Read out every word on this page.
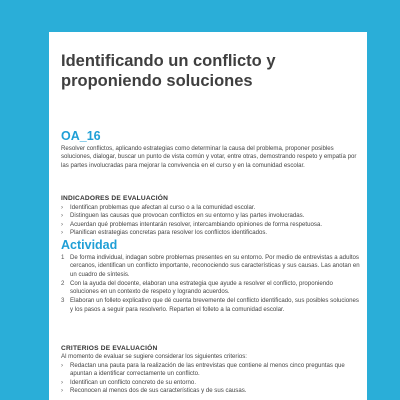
Identificando un conflicto y proponiendo soluciones
OA_16

Resolver conflictos, aplicando estrategias como determinar la causa del problema, proponer posibles soluciones, dialogar, buscar un punto de vista común y votar, entre otras, demostrando respeto y empatía por las partes involucradas para mejorar la convivencia en el curso y en la comunidad escolar.

INDICADORES DE EVALUACIÓN
› Identifican problemas que afectan al curso o a la comunidad escolar.
› Distinguen las causas que provocan conflictos en su entorno y las partes involucradas.
› Acuerdan qué problemas intentarán resolver, intercambiando opiniones de forma respetuosa.
› Planifican estrategias concretas para resolver los conflictos identificados.
Actividad
1 De forma individual, indagan sobre problemas presentes en su entorno. Por medio de entrevistas a adultos cercanos, identifican un conflicto importante, reconociendo sus características y sus causas. Las anotan en un cuadro de síntesis.
2 Con la ayuda del docente, elaboran una estrategia que ayude a resolver el conflicto, proponiendo soluciones en un contexto de respeto y logrando acuerdos.
3 Elaboran un folleto explicativo que dé cuenta brevemente del conflicto identificado, sus posibles soluciones y los pasos a seguir para resolverlo. Reparten el folleto a la comunidad escolar.
CRITERIOS DE EVALUACIÓN

Al momento de evaluar se sugiere considerar los siguientes criterios:

› Redactan una pauta para la realización de las entrevistas que contiene al menos cinco preguntas que apuntan a identificar correctamente un conflicto.
› Identifican un conflicto concreto de su entorno.
› Reconocen al menos dos de sus características y de sus causas.
